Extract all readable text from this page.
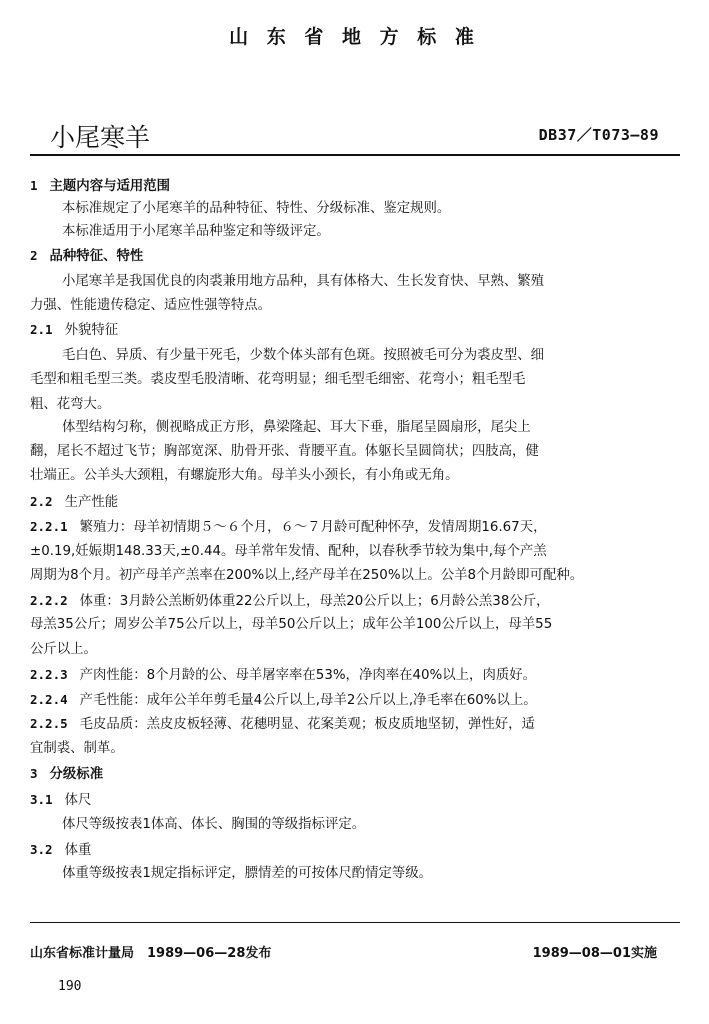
山 东 省 地 方 标 准
小尾寒羊	DB37／T073—89
1 主题内容与适用范围
本标准规定了小尾寒羊的品种特征、特性、分级标准、鉴定规则。
本标准适用于小尾寒羊品种鉴定和等级评定。
2 品种特征、特性
小尾寒羊是我国优良的肉裘兼用地方品种，具有体格大、生长发育快、早熟、繁殖
力强、性能遗传稳定、适应性强等特点。
2.1 外貌特征
毛白色、异质、有少量干死毛，少数个体头部有色斑。按照被毛可分为裘皮型、细
毛型和粗毛型三类。裘皮型毛股清晰、花弯明显；细毛型毛细密、花弯小；粗毛型毛
粗、花弯大。
体型结构匀称，侧视略成正方形，鼻梁隆起、耳大下垂，脂尾呈圆扇形，尾尖上
翻，尾长不超过飞节；胸部宽深、肋骨开张、背腰平直。体躯长呈圆筒状；四肢高，健
壮端正。公羊头大颈粗，有螺旋形大角。母羊头小颈长，有小角或无角。
2.2 生产性能
2.2.1 繁殖力：母羊初情期５～６个月，６～７月龄可配种怀孕，发情周期16.67天，
±0.19,妊娠期148.33天,±0.44。母羊常年发情、配种，以春秋季节较为集中,每个产羔
周期为8个月。初产母羊产羔率在200%以上,经产母羊在250%以上。公羊8个月龄即可配种。
2.2.2 体重：3月龄公羔断奶体重22公斤以上，母羔20公斤以上；6月龄公羔38公斤，
母羔35公斤；周岁公羊75公斤以上，母羊50公斤以上；成年公羊100公斤以上，母羊55
公斤以上。
2.2.3 产肉性能：8个月龄的公、母羊屠宰率在53%，净肉率在40%以上，肉质好。
2.2.4 产毛性能：成年公羊年剪毛量4公斤以上,母羊2公斤以上,净毛率在60%以上。
2.2.5 毛皮品质：羔皮皮板轻薄、花穗明显、花案美观；板皮质地坚韧，弹性好，适
宜制裘、制革。
3 分级标准
3.1 体尺
体尺等级按表1体高、体长、胸围的等级指标评定。
3.2 体重
体重等级按表1规定指标评定，膘情差的可按体尺酌情定等级。
山东省标准计量局　1989—06—28发布	1989—08—01实施
190
